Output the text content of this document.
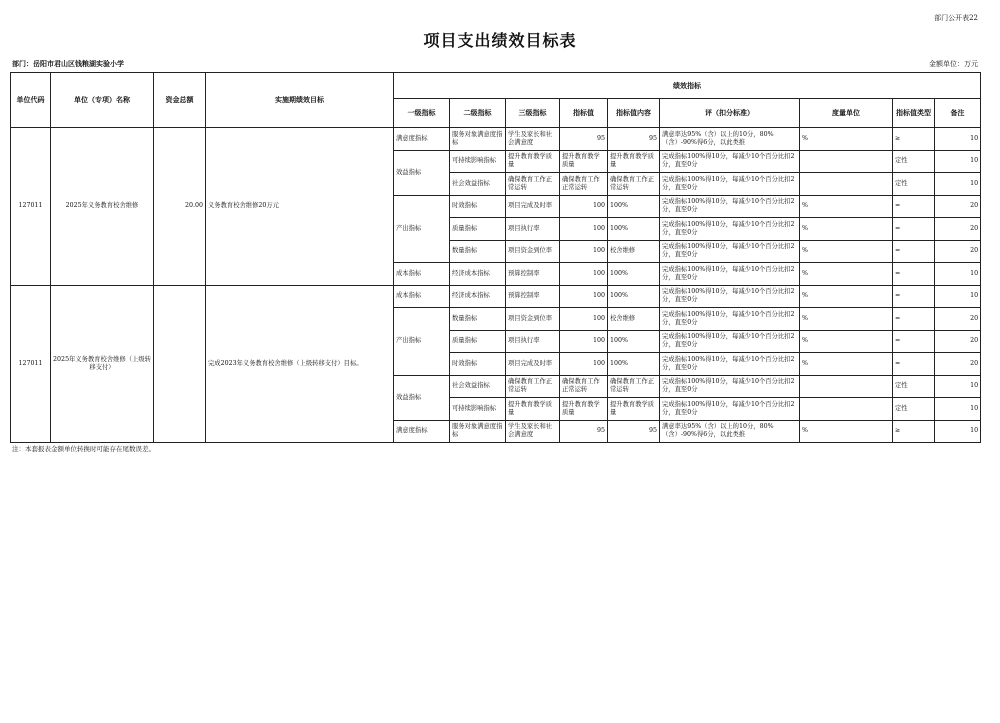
部门公开表22
项目支出绩效目标表
部门：岳阳市君山区钱粮湖实验小学	金额单位：万元
单位代码	单位（专项）名称	资金总额	实施期绩效目标	绩效指标								
				一级指标	二级指标	三级指标	指标值	指标值内容	评（扣分标准）	度量单位	指标值类型	备注
127011	2025年义务教育校舍维修	20.00	义务教育校舍维修20万元	满意度指标	服务对象满意度指标	学生及家长和社会满意度	95	95	满意率达95%（含）以上的10分，80%（含）-90%得6分，以此类推	%	≥	10
				效益指标	可持续影响指标	提升教育教学质量	提升教育教学质量	提升教育教学质量	完成指标100%得10分，每减少10个百分比扣2分，直至0分		定性	10
					社会效益指标	确保教育工作正常运转	确保教育工作正常运转	确保教育工作正常运转	完成指标100%得10分，每减少10个百分比扣2分，直至0分		定性	10
				产出指标	时效指标	项目完成及时率	100	100%	完成指标100%得10分，每减少10个百分比扣2分，直至0分	%	=	20
					质量指标	项目执行率	100	100%	完成指标100%得10分，每减少10个百分比扣2分，直至0分	%	=	20
					数量指标	项目资金到位率	100	校舍维修	完成指标100%得10分，每减少10个百分比扣2分，直至0分	%	=	20
				成本指标	经济成本指标	预算控制率	100	100%	完成指标100%得10分，每减少10个百分比扣2分，直至0分	%	=	10
127011	2025年义务教育校舍维修（上级转移支付）		完成2023年义务教育校舍维修（上级转移支付）目标。	成本指标	经济成本指标	预算控制率	100	100%	完成指标100%得10分，每减少10个百分比扣2分，直至0分	%	=	10
				产出指标	数量指标	项目资金到位率	100	校舍维修	完成指标100%得10分，每减少10个百分比扣2分，直至0分	%	=	20
					质量指标	项目执行率	100	100%	完成指标100%得10分，每减少10个百分比扣2分，直至0分	%	=	20
					时效指标	项目完成及时率	100	100%	完成指标100%得10分，每减少10个百分比扣2分，直至0分	%	=	20
				效益指标	社会效益指标	确保教育工作正常运转	确保教育工作正常运转	确保教育工作正常运转	完成指标100%得10分，每减少10个百分比扣2分，直至0分		定性	10
					可持续影响指标	提升教育教学质量	提升教育教学质量	提升教育教学质量	完成指标100%得10分，每减少10个百分比扣2分，直至0分		定性	10
				满意度指标	服务对象满意度指标	学生及家长和社会满意度	95	95	满意率达95%（含）以上的10分，80%（含）-90%得6分，以此类推	%	≥	10
注：本套报表金额单位转换时可能存在尾数误差。
